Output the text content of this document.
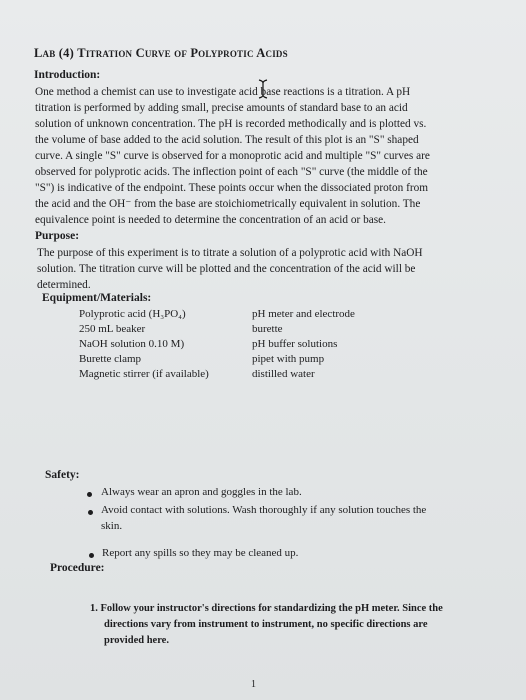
Lab (4) Titration Curve of Polyprotic Acids
Introduction:
One method a chemist can use to investigate acid base reactions is a titration. A pH
titration is performed by adding small, precise amounts of standard base to an acid
solution of unknown concentration. The pH is recorded methodically and is plotted vs.
the volume of base added to the acid solution. The result of this plot is an "S" shaped
curve. A single "S" curve is observed for a monoprotic acid and multiple "S" curves are
observed for polyprotic acids. The inflection point of each "S" curve (the middle of the
"S") is indicative of the endpoint. These points occur when the dissociated proton from
the acid and the OH⁻ from the base are stoichiometrically equivalent in solution. The
equivalence point is needed to determine the concentration of an acid or base.
Purpose:
The purpose of this experiment is to titrate a solution of a polyprotic acid with NaOH
solution. The titration curve will be plotted and the concentration of the acid will be
determined.
Equipment/Materials:
Polyprotic acid (H₃PO₄)
250 mL beaker
NaOH solution 0.10 M)
Burette clamp
Magnetic stirrer (if available)
pH meter and electrode
burette
pH buffer solutions
pipet with pump
distilled water
Safety:
Always wear an apron and goggles in the lab.
Avoid contact with solutions. Wash thoroughly if any solution touches the
skin.
Report any spills so they may be cleaned up.
Procedure:
1. Follow your instructor's directions for standardizing the pH meter. Since the
directions vary from instrument to instrument, no specific directions are
provided here.
1
